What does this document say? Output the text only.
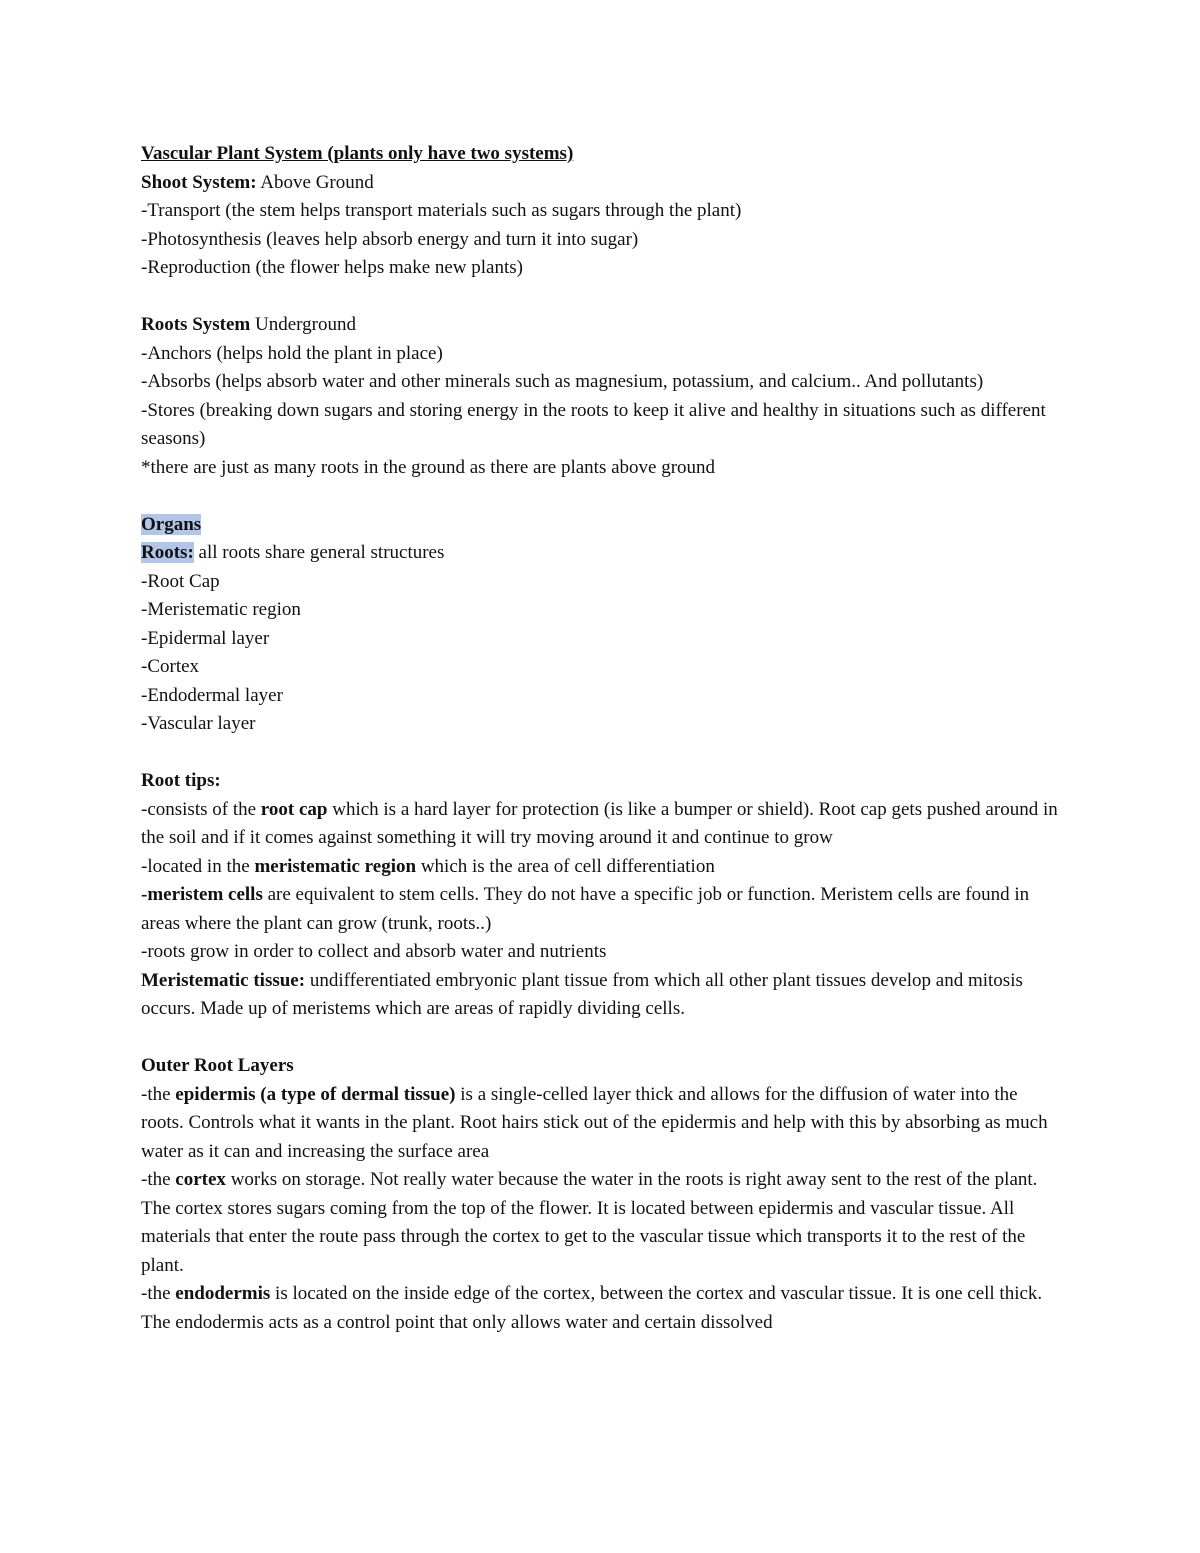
Vascular Plant System (plants only have two systems)

Shoot System: Above Ground

-Transport (the stem helps transport materials such as sugars through the plant)

-Photosynthesis (leaves help absorb energy and turn it into sugar)

-Reproduction (the flower helps make new plants)

Roots System Underground

-Anchors (helps hold the plant in place)

-Absorbs (helps absorb water and other minerals such as magnesium, potassium, and calcium.. And pollutants)

-Stores (breaking down sugars and storing energy in the roots to keep it alive and healthy in situations such as different seasons)

*there are just as many roots in the ground as there are plants above ground

Organs

Roots: all roots share general structures

-Root Cap

-Meristematic region

-Epidermal layer

-Cortex

-Endodermal layer

-Vascular layer

Root tips:

-consists of the root cap which is a hard layer for protection (is like a bumper or shield). Root cap gets pushed around in the soil and if it comes against something it will try moving around it and continue to grow

-located in the meristematic region which is the area of cell differentiation

-meristem cells are equivalent to stem cells. They do not have a specific job or function. Meristem cells are found in areas where the plant can grow (trunk, roots..)

-roots grow in order to collect and absorb water and nutrients

Meristematic tissue: undifferentiated embryonic plant tissue from which all other plant tissues develop and mitosis occurs. Made up of meristems which are areas of rapidly dividing cells.

Outer Root Layers

-the epidermis (a type of dermal tissue) is a single-celled layer thick and allows for the diffusion of water into the roots. Controls what it wants in the plant. Root hairs stick out of the epidermis and help with this by absorbing as much water as it can and increasing the surface area

-the cortex works on storage. Not really water because the water in the roots is right away sent to the rest of the plant. The cortex stores sugars coming from the top of the flower. It is located between epidermis and vascular tissue. All materials that enter the route pass through the cortex to get to the vascular tissue which transports it to the rest of the plant.

-the endodermis is located on the inside edge of the cortex, between the cortex and vascular tissue. It is one cell thick. The endodermis acts as a control point that only allows water and certain dissolved
